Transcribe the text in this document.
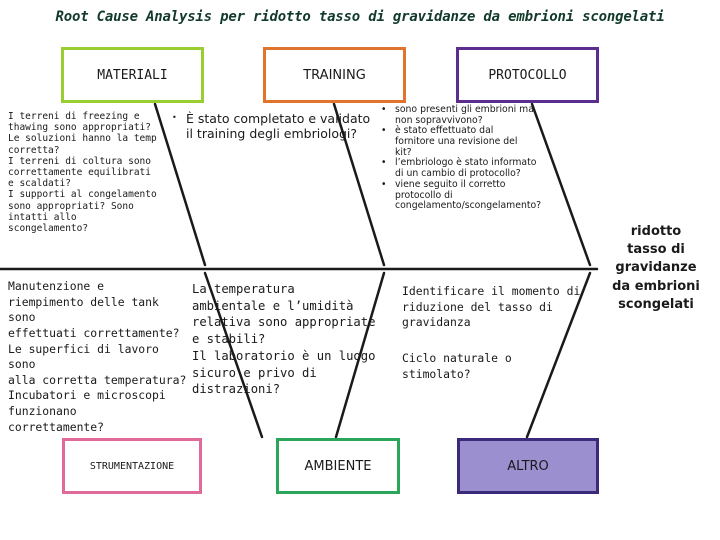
Root Cause Analysis per ridotto tasso di gravidanze da embrioni scongelati
MATERIALI	TRAINING	PROTOCOLLO
STRUMENTAZIONE	AMBIENTE	ALTRO
I terreni di freezing e
thawing sono appropriati?
Le soluzioni hanno la temp
corretta?
I terreni di coltura sono
correttamente equilibrati
e scaldati?
I supporti al congelamento
sono appropriati? Sono
intatti allo scongelamento?
• È stato completato e validato il training degli embriologi?
• sono presenti gli embrioni ma
non sopravvivono?
• è stato effettuato dal
fornitore una revisione del
kit?
• l’embriologo è stato informato
di un cambio di protocollo?
• viene seguito il corretto
protocollo di
congelamento/scongelamento?
Manutenzione e
riempimento delle tank sono
effettuati correttamente?
Le superfici di lavoro sono
alla corretta temperatura?
Incubatori e microscopi
funzionano
correttamente?
La temperatura
ambientale e l’umidità
relativa sono appropriate
e stabili?
Il laboratorio è un luogo
sicuro e privo di
distrazioni?
Identificare il momento di
riduzione del tasso di
gravidanza
Ciclo naturale o
stimolato?
ridotto
tasso di
gravidanze
da embrioni
scongelati
